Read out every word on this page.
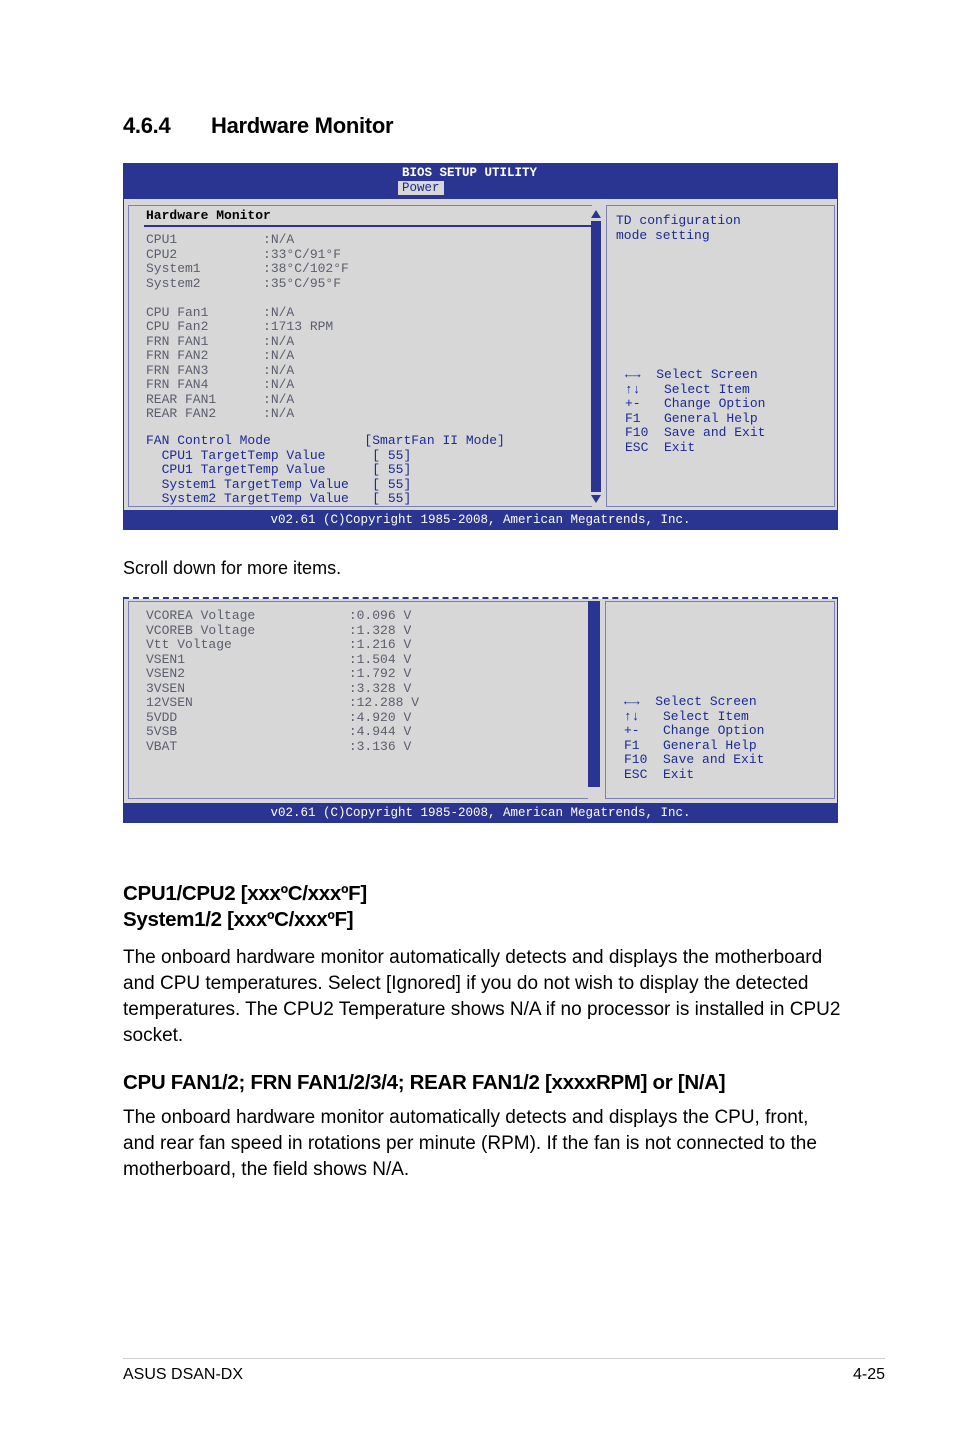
4.6.4 Hardware Monitor
BIOS SETUP UTILITY
Power
Hardware Monitor
CPU1           :N/A
CPU2           :33°C/91°F
System1        :38°C/102°F
System2        :35°C/95°F

CPU Fan1       :N/A
CPU Fan2       :1713 RPM
FRN FAN1       :N/A
FRN FAN2       :N/A
FRN FAN3       :N/A
FRN FAN4       :N/A
REAR FAN1      :N/A
REAR FAN2      :N/A
FAN Control Mode            [SmartFan II Mode]
CPU1 TargetTemp Value      [ 55]
CPU1 TargetTemp Value      [ 55]
System1 TargetTemp Value   [ 55]
System2 TargetTemp Value   [ 55]
TD configuration
mode setting
←→  Select Screen
↑↓   Select Item
+-   Change Option
F1   General Help
F10  Save and Exit
ESC  Exit
v02.61 (C)Copyright 1985-2008, American Megatrends, Inc.
Scroll down for more items.
VCOREA Voltage            :0.096 V
VCOREB Voltage            :1.328 V
Vtt Voltage               :1.216 V
VSEN1                     :1.504 V
VSEN2                     :1.792 V
3VSEN                     :3.328 V
12VSEN                    :12.288 V
5VDD                      :4.920 V
5VSB                      :4.944 V
VBAT                      :3.136 V
←→  Select Screen
↑↓   Select Item
+-   Change Option
F1   General Help
F10  Save and Exit
ESC  Exit
v02.61 (C)Copyright 1985-2008, American Megatrends, Inc.
CPU1/CPU2 [xxxºC/xxxºF]
System1/2 [xxxºC/xxxºF]
The onboard hardware monitor automatically detects and displays the motherboard and CPU temperatures. Select [Ignored] if you do not wish to display the detected temperatures. The CPU2 Temperature shows N/A if no processor is installed in CPU2 socket.
CPU FAN1/2; FRN FAN1/2/3/4; REAR FAN1/2 [xxxxRPM] or [N/A]
The onboard hardware monitor automatically detects and displays the CPU, front, and rear fan speed in rotations per minute (RPM). If the fan is not connected to the motherboard, the field shows N/A.
ASUS DSAN-DX	4-25
